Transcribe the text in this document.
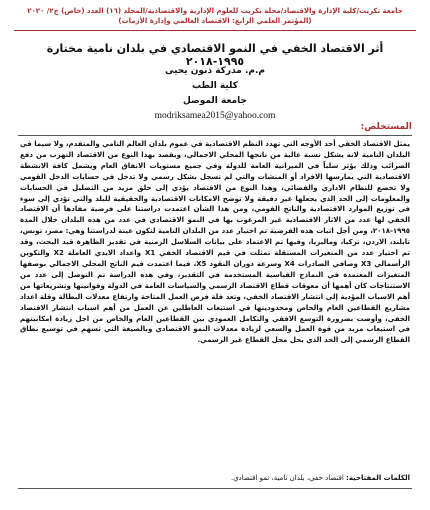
جامعة تكريت/كلية الإدارة والاقتصاد/مجلة تكريت للعلوم الإدارية والاقتصادية/المجلد (١٦) العدد (خاص) ج٢/ ٢٠٢٠ (المؤتمر العلمي الرابع: الاقتصاد العالمي وإدارة الأزمات)
أثر الاقتصاد الخفي في النمو الاقتصادي في بلدان نامية مختارة ١٩٩٥-٢٠١٨
م.م. مدركة ذنون يحيى
كلية الطب
جامعة الموصل
modriksamea2015@yahoo.com
المستخلص:
يمثل الاقتصاد الخفي أحد الأوجه التي تهدد النظم الاقتصادية في عموم بلدان العالم النامي والمتقدم، ولا سيما في البلدان النامية لانه يشكل نسبة عالية من ناتجها المحلي الاجمالي، ويقصد بهذا النوع من الاقتصاد التهرب من دفع الضرائب وذلك يؤثر سلباً في الميزانية العامة للدولة وفي جميع مستويات الانفاق العام ويشمل كافة الانشطة الاقتصادية التي يمارسها الافراد أو المنشات والتي لم تسجل بشكل رسمي ولا تدخل في حسابات الدخل القومي ولا تخضع للنظام الاداري والقضائي، وهذا النوع من الاقتصاد يؤدي إلى خلق مزيد من التضليل في الحسابات والمعلومات إلى الحد الذي يجعلها غير دقيقة ولا توضح الامكانات الاقتصادية والحقيقية للبلد والتي تؤدي إلى سوء في توزيع الموارد الاقتصادية والناتج القومي، ومن هذا الشأن اعتمدت دراستنا على فرضية مفادها أن الاقتصاد الخفي لها عدد من الاثار الاقتصادية غير المرغوب بها في النمو الاقتصادي في عدد من هذه البلدان خلال المدة ١٩٩٥-٢٠١٨، ومن أجل اثبات هذه الفرضية تم اختيار عدد من البلدان النامية لتكون عينة لدراستنا وهي: مصر، تونس، تايلند، الاردن، تركيا، وماليزيا، وفيها تم الاعتماد على بيانات السلاسل الزمنية في تقدير الظاهرة قيد البحث، وقد تم اختيار عدد من المتغيرات المستقلة تمثلت في قيم الاقتصاد الخفي X1 واعداد الايدي العاملة X2 والتكوين الرأسمالي X3 وصافي الصادرات X4 وسرعة دوران النقود X5، فيما اعتمدت قيم الناتج المحلي الاجمالي بوصفها المتغيرات المعتمدة في النماذج القياسية المستخدمة في التقدير، وفي هذه الدراسة تم التوصل إلى عدد من الاستنتاجات كان أهمها أن معوقات قطاع الاقتصاد الرسمي والسياسات العامة في الدولة وقوانينها وتشريعاتها من أهم الاسباب المؤدية إلى انتشار الاقتصاد الخفي، وتعد قلة فرص العمل المتاحة وارتفاع معدلات البطالة وقلة اعداد مشاريع القطاعين العام والخاص ومحدوديتها في استيعاب العاطلين عن العمل من أهم اسباب انتشار الاقتصاد الخفي، وأوصت بضرورة التوسع الافقي والتكامل العمودي بين القطاعين العام والخاص من اجل زيادة امكانيتهم في استيعاب مزيد من قوة العمل والسعي لزيادة معدلات النمو الاقتصادي وبالصيغة التي تسهم في توسيع نطاق القطاع الرسمي إلى الحد الذي يحل محل القطاع غير الرسمي.
الكلمات المفتاحية: اقتصاد خفي، بلدان نامية، نمو اقتصادي.
